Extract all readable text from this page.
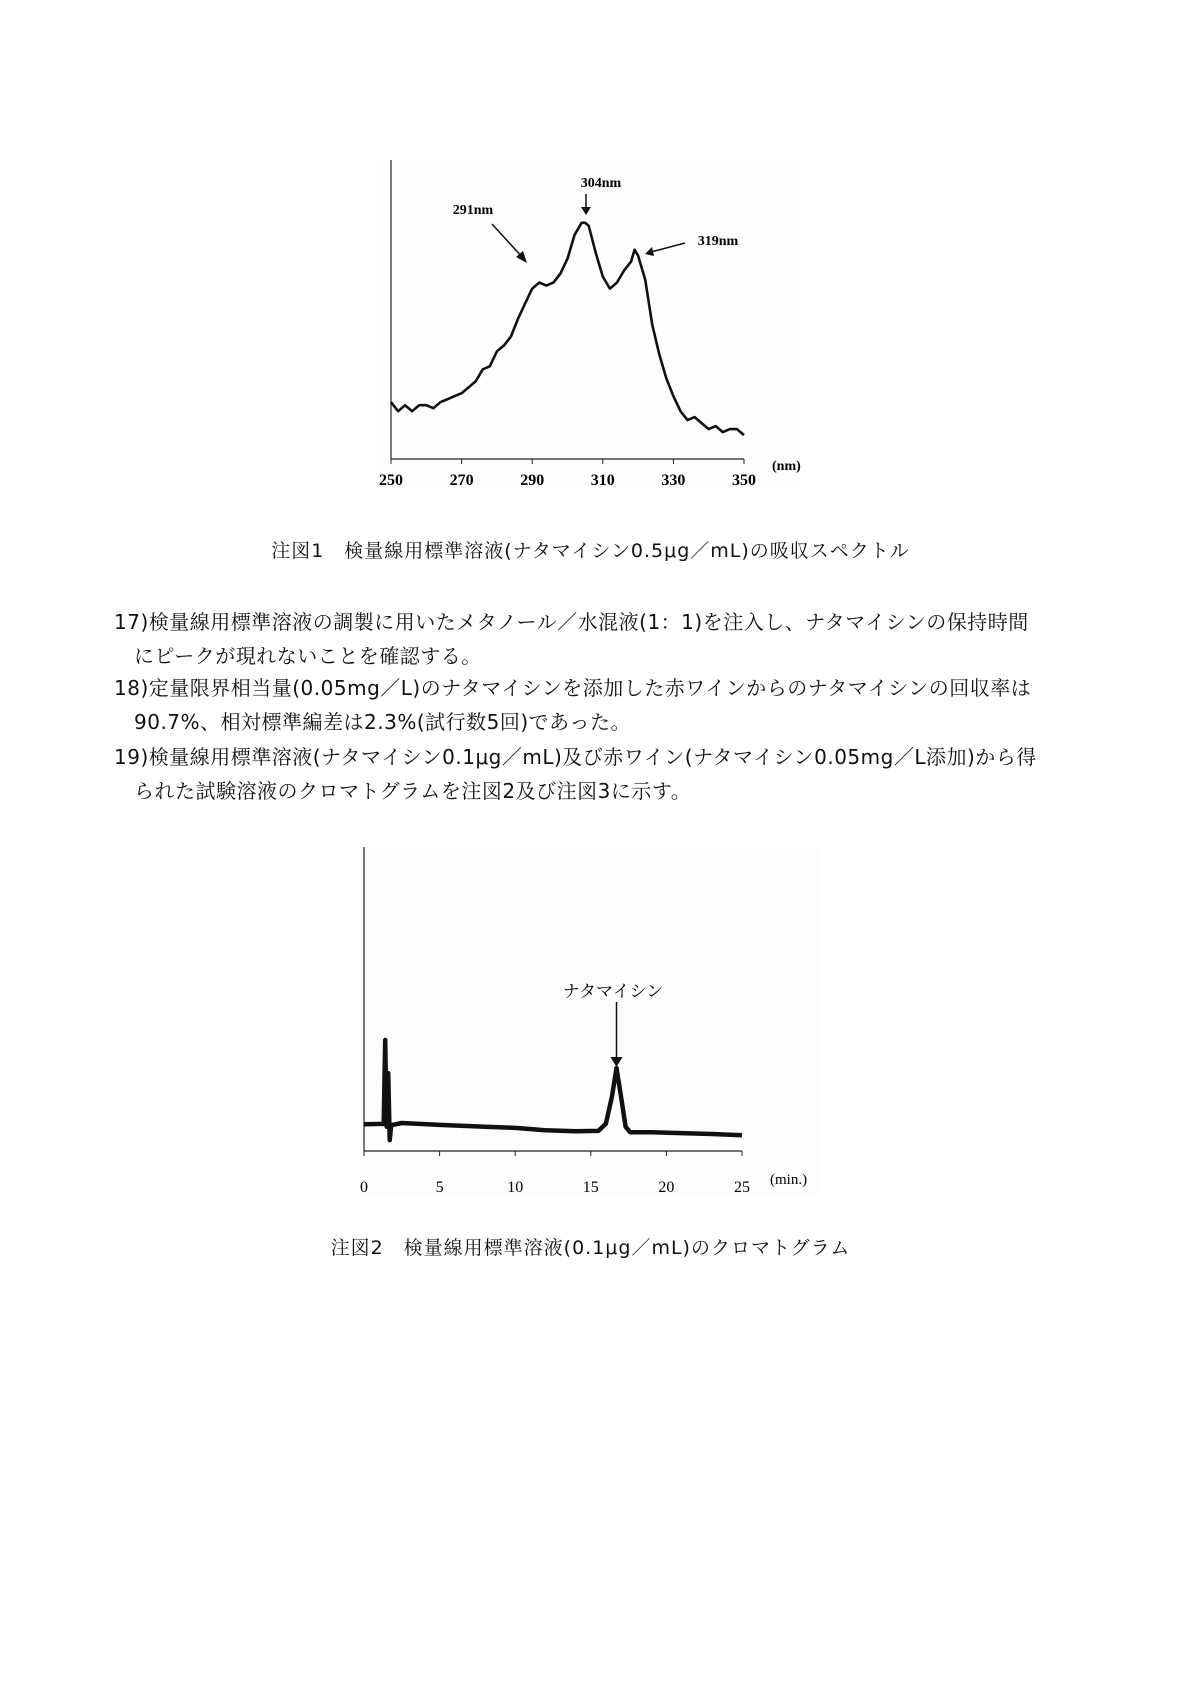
250	270	290	310	330	350
(nm)
304nm
291nm
319nm
注図1　検量線用標準溶液(ナタマイシン0.5μg／mL)の吸収スペクトル
17)検量線用標準溶液の調製に用いたメタノール／水混液(1：1)を注入し、ナタマイシンの保持時間
にピークが現れないことを確認する。
18)定量限界相当量(0.05mg／L)のナタマイシンを添加した赤ワインからのナタマイシンの回収率は
90.7%、相対標準編差は2.3%(試行数5回)であった。
19)検量線用標準溶液(ナタマイシン0.1μg／mL)及び赤ワイン(ナタマイシン0.05mg／L添加)から得
られた試験溶液のクロマトグラムを注図2及び注図3に示す。
0	5	10	15	20	25 (min.)
ナタマイシン
注図2　検量線用標準溶液(0.1μg／mL)のクロマトグラム
